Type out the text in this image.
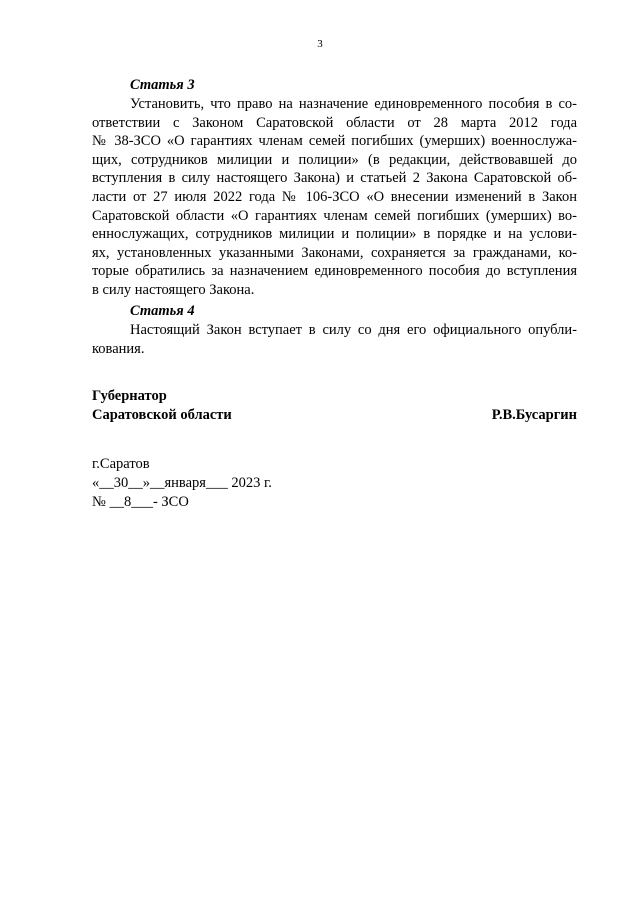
3

Статья 3

Установить, что право на назначение единовременного пособия в со-

ответствии с Законом Саратовской области от 28 марта 2012 года

№ 38-ЗСО «О гарантиях членам семей погибших (умерших) военнослужа-

щих, сотрудников милиции и полиции» (в редакции, действовавшей до

вступления в силу настоящего Закона) и статьей 2 Закона Саратовской об-

ласти от 27 июля 2022 года № 106-ЗСО «О внесении изменений в Закон

Саратовской области «О гарантиях членам семей погибших (умерших) во-

еннослужащих, сотрудников милиции и полиции» в порядке и на услови-

ях, установленных указанными Законами, сохраняется за гражданами, ко-

торые обратились за назначением единовременного пособия до вступления

в силу настоящего Закона.

Статья 4

Настоящий Закон вступает в силу со дня его официального опубли-

кования.

Губернатор
Саратовской области	Р.В.Бусаргин
г.Саратов
«__30__»__января___ 2023 г.
№ __8___- ЗСО
